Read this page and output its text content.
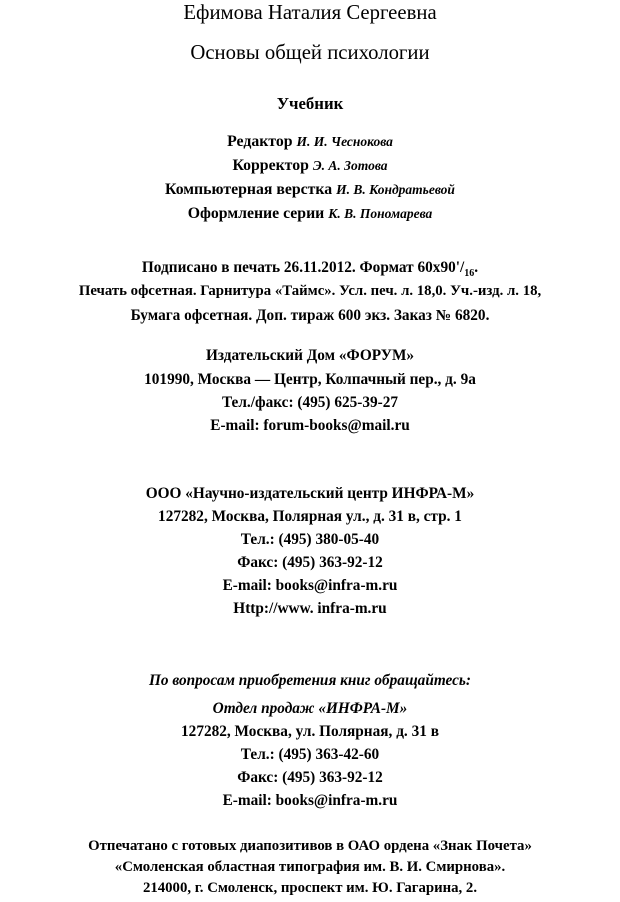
Ефимова Наталия Сергеевна
Основы общей психологии
Учебник
Редактор И. И. Чеснокова
Корректор Э. А. Зотова
Компьютерная верстка И. В. Кондратьевой
Оформление серии К. В. Пономарева
Подписано в печать 26.11.2012. Формат $60x90'/_{16}$.
Печать офсетная. Гарнитура «Таймс». Усл. печ. л. 18,0. Уч.-изд. л. 18,
Бумага офсетная. Доп. тираж 600 экз. Заказ № 6820.
Издательский Дом «ФОРУМ»
101990, Москва — Центр, Колпачный пер., д. 9а
Тел./факс: (495) 625-39-27
E-mail: forum-books@mail.ru
ООО «Научно-издательский центр ИНФРА-М»
127282, Москва, Полярная ул., д. 31 в, стр. 1
Тел.: (495) 380-05-40
Факс: (495) 363-92-12
E-mail: books@infra-m.ru
Http://www. infra-m.ru
По вопросам приобретения книг обращайтесь:
Отдел продаж «ИНФРА-М»
127282, Москва, ул. Полярная, д. 31 в
Тел.: (495) 363-42-60
Факс: (495) 363-92-12
E-mail: books@infra-m.ru
Отпечатано с готовых диапозитивов в ОАО ордена «Знак Почета»
«Смоленская областная типография им. В. И. Смирнова».
214000, г. Смоленск, проспект им. Ю. Гагарина, 2.
